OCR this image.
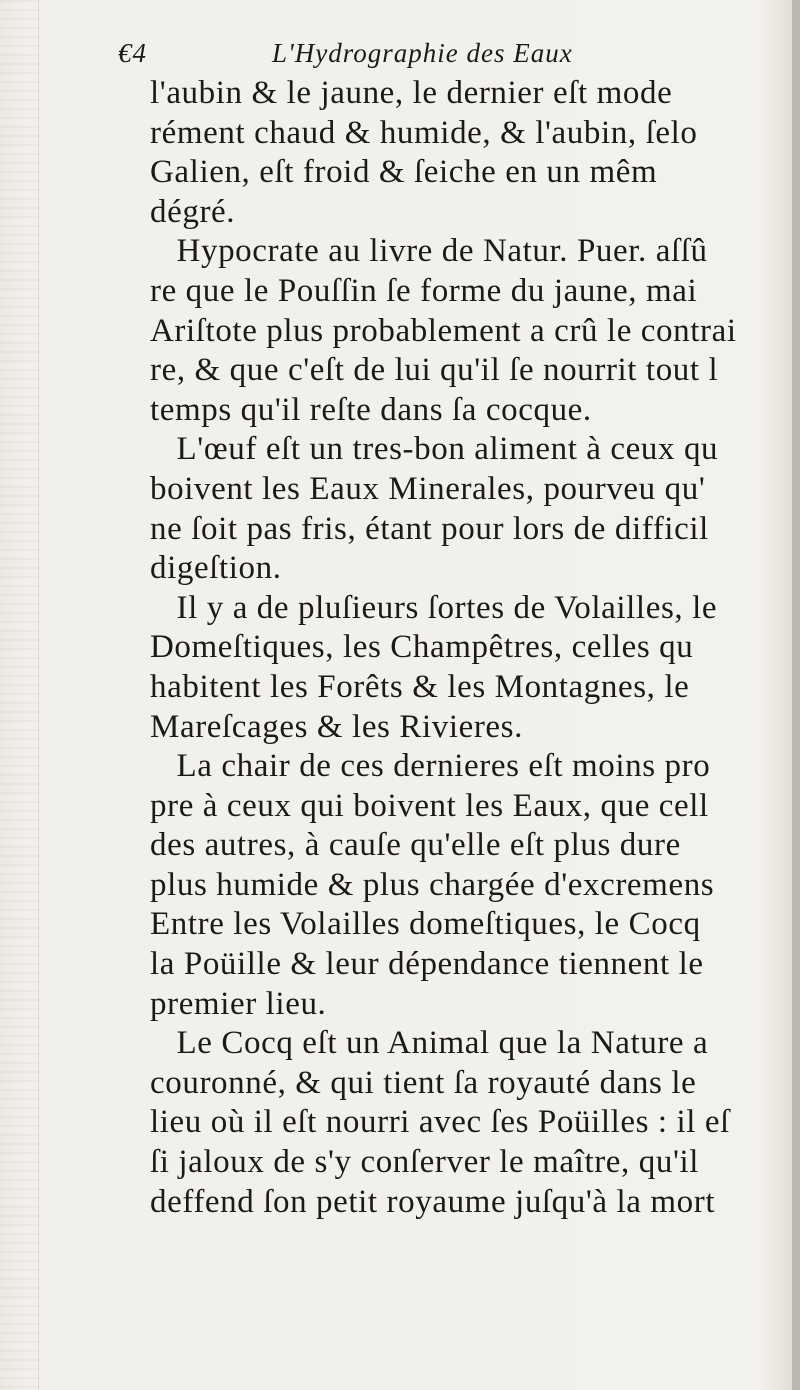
€4	L'Hydrographie des Eaux
l'aubin & le jaune, le dernier eſt mode
rément chaud & humide, & l'aubin, ſelo
Galien, eſt froid & ſeiche en un mêm
dégré.
Hypocrate au livre de Natur. Puer. aſſû
re que le Pouſſin ſe forme du jaune, mai
Ariſtote plus probablement a crû le contrai
re, & que c'eſt de lui qu'il ſe nourrit tout l
temps qu'il reſte dans ſa cocque.
L'œuf eſt un tres-bon aliment à ceux qu
boivent les Eaux Minerales, pourveu qu'
ne ſoit pas fris, étant pour lors de difficil
digeſtion.
Il y a de pluſieurs ſortes de Volailles, le
Domeſtiques, les Champêtres, celles qu
habitent les Forêts & les Montagnes, le
Mareſcages & les Rivieres.
La chair de ces dernieres eſt moins pro
pre à ceux qui boivent les Eaux, que cell
des autres, à cauſe qu'elle eſt plus dure
plus humide & plus chargée d'excremens
Entre les Volailles domeſtiques, le Cocq
la Poüille & leur dépendance tiennent le
premier lieu.
Le Cocq eſt un Animal que la Nature a
couronné, & qui tient ſa royauté dans le
lieu où il eſt nourri avec ſes Poüilles : il eſ
ſi jaloux de s'y conſerver le maître, qu'il
deffend ſon petit royaume juſqu'à la mort
